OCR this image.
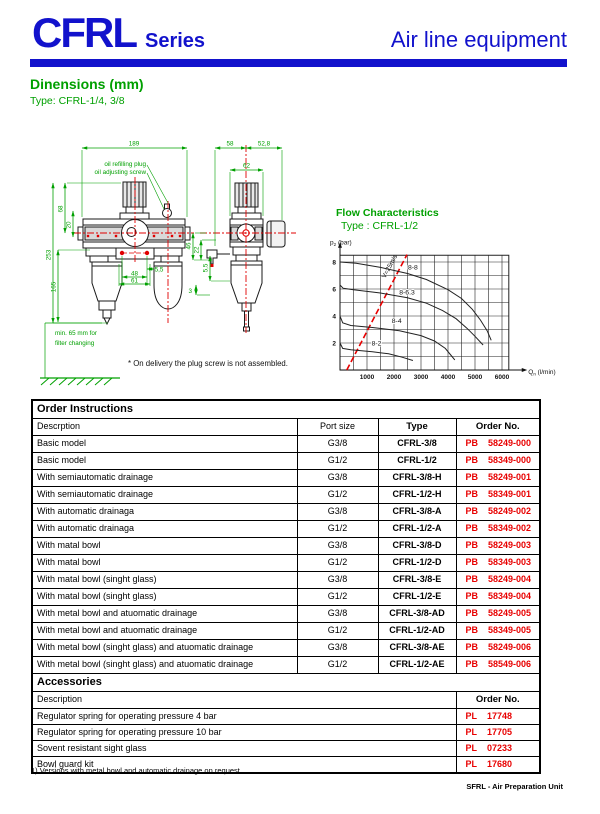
CFRL Series	Air line equipment
Dinensions (mm)
Type: CFRL-1/4, 3/8
189
68
20
253
165
5,5
48
61
oil refilling plug
oil adjusting screw
min. 65 mm for
filter changing
* On delivery the plug screw is not assembled.
58	52,8
62
46
22
5,5
3
Flow Characteristics
Type : CFRL-1/2
1000 2000 3000 4000 5000 6000
2
4
6
8
$p_2$ (bar)
$Q_n$ (l/min)
V=25m/s 8-8
8-6.3
8-4
8-2
Order Instructions			
Descrption	Port size	Type	Order No.
Basic model	G3/8	CFRL-3/8	PB 58249-000
Basic model	G1/2	CFRL-1/2	PB 58349-000
With semiautomatic drainage	G3/8	CFRL-3/8-H	PB 58249-001
With semiautomatic drainage	G1/2	CFRL-1/2-H	PB 58349-001
With automatic drainaga	G3/8	CFRL-3/8-A	PB 58249-002
With automatic drainaga	G1/2	CFRL-1/2-A	PB 58349-002
With matal bowl	G3/8	CFRL-3/8-D	PB 58249-003
With matal bowl	G1/2	CFRL-1/2-D	PB 58349-003
With matal bowl (singht glass)	G3/8	CFRL-3/8-E	PB 58249-004
With matal bowl (singht glass)	G1/2	CFRL-1/2-E	PB 58349-004
With metal bowl and atuomatic drainage	G3/8	CFRL-3/8-AD	PB 58249-005
With metal bowl and atuomatic drainage	G1/2	CFRL-1/2-AD	PB 58349-005
With metal bowl (singht glass) and atuomatic drainage	G3/8	CFRL-3/8-AE	PB 58249-006
With metal bowl (singht glass) and atuomatic drainage	G1/2	CFRL-1/2-AE	PB 58549-006
Accessories			
Description			Order No.
Regulator spring for operating pressure 4 bar			PL 17748
Regulator spring for operating pressure 10 bar			PL 17705
Sovent resistant sight glass			PL 07233
Bowl guard kit			PL 17680
1) Versions with metal bowl and automatic drainage on request
SFRL - Air Preparation Unit
